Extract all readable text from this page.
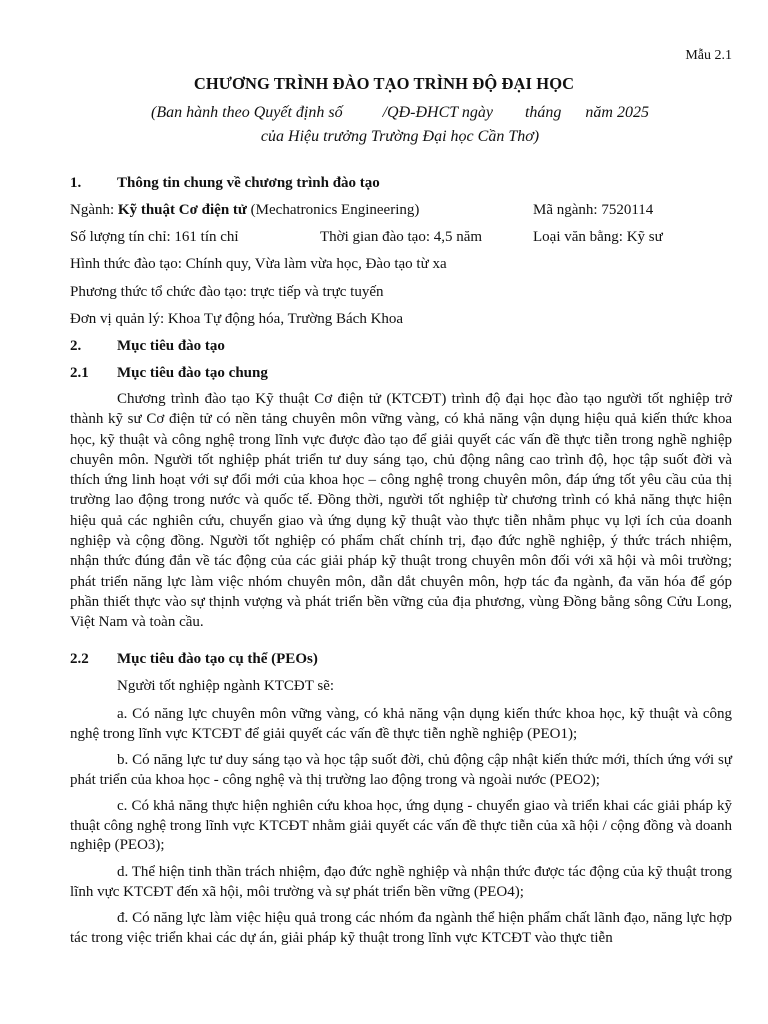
Mẫu 2.1
CHƯƠNG TRÌNH ĐÀO TẠO TRÌNH ĐỘ ĐẠI HỌC
(Ban hành theo Quyết định số          /QĐ-ĐHCT ngày        tháng      năm 2025
của Hiệu trưởng Trường Đại học Cần Thơ)
1. Thông tin chung về chương trình đào tạo
Ngành: Kỹ thuật Cơ điện tử (Mechatronics Engineering)	Mã ngành: 7520114
Số lượng tín chỉ: 161 tín chỉ	Thời gian đào tạo: 4,5 năm	Loại văn bằng: Kỹ sư
Hình thức đào tạo: Chính quy, Vừa làm vừa học, Đào tạo từ xa
Phương thức tổ chức đào tạo: trực tiếp và trực tuyến
Đơn vị quản lý: Khoa Tự động hóa, Trường Bách Khoa
2. Mục tiêu đào tạo
2.1 Mục tiêu đào tạo chung
Chương trình đào tạo Kỹ thuật Cơ điện tử (KTCĐT) trình độ đại học đào tạo người tốt nghiệp trở thành kỹ sư Cơ điện tử có nền tảng chuyên môn vững vàng, có khả năng vận dụng hiệu quả kiến thức khoa học, kỹ thuật và công nghệ trong lĩnh vực được đào tạo để giải quyết các vấn đề thực tiễn trong nghề nghiệp chuyên môn. Người tốt nghiệp phát triển tư duy sáng tạo, chủ động nâng cao trình độ, học tập suốt đời và thích ứng linh hoạt với sự đổi mới của khoa học – công nghệ trong chuyên môn, đáp ứng tốt yêu cầu của thị trường lao động trong nước và quốc tế. Đồng thời, người tốt nghiệp từ chương trình có khả năng thực hiện hiệu quả các nghiên cứu, chuyển giao và ứng dụng kỹ thuật vào thực tiễn nhằm phục vụ lợi ích của doanh nghiệp và cộng đồng. Người tốt nghiệp có phẩm chất chính trị, đạo đức nghề nghiệp, ý thức trách nhiệm, nhận thức đúng đắn về tác động của các giải pháp kỹ thuật trong chuyên môn đối với xã hội và môi trường; phát triển năng lực làm việc nhóm chuyên môn, dẫn dắt chuyên môn, hợp tác đa ngành, đa văn hóa để góp phần thiết thực vào sự thịnh vượng và phát triển bền vững của địa phương, vùng Đồng bằng sông Cửu Long, Việt Nam và toàn cầu.
2.2 Mục tiêu đào tạo cụ thể (PEOs)
Người tốt nghiệp ngành KTCĐT sẽ:
a. Có năng lực chuyên môn vững vàng, có khả năng vận dụng kiến thức khoa học, kỹ thuật và công nghệ trong lĩnh vực KTCĐT để giải quyết các vấn đề thực tiễn nghề nghiệp (PEO1);
b. Có năng lực tư duy sáng tạo và học tập suốt đời, chủ động cập nhật kiến thức mới, thích ứng với sự phát triển của khoa học - công nghệ và thị trường lao động trong và ngoài nước (PEO2);
c. Có khả năng thực hiện nghiên cứu khoa học, ứng dụng - chuyển giao và triển khai các giải pháp kỹ thuật công nghệ trong lĩnh vực KTCĐT nhằm giải quyết các vấn đề thực tiễn của xã hội / cộng đồng và doanh nghiệp (PEO3);
d. Thể hiện tinh thần trách nhiệm, đạo đức nghề nghiệp và nhận thức được tác động của kỹ thuật trong lĩnh vực KTCĐT đến xã hội, môi trường và sự phát triển bền vững (PEO4);
đ. Có năng lực làm việc hiệu quả trong các nhóm đa ngành thể hiện phẩm chất lãnh đạo, năng lực hợp tác trong việc triển khai các dự án, giải pháp kỹ thuật trong lĩnh vực KTCĐT vào thực tiễn
